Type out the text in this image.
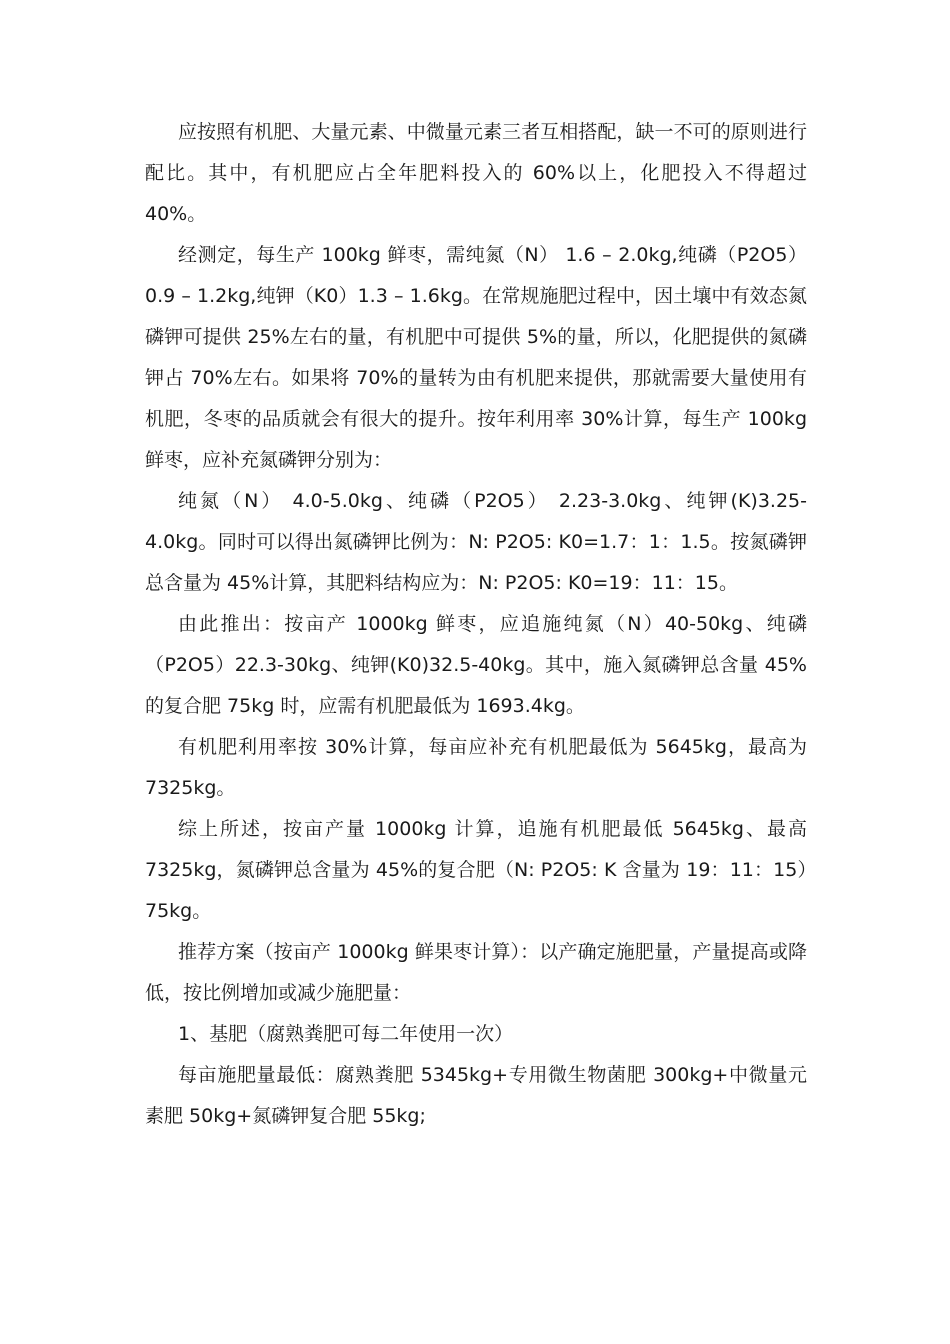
应按照有机肥、大量元素、中微量元素三者互相搭配，缺一不可的原则进行配比。其中，有机肥应占全年肥料投入的 60%以上，化肥投入不得超过 40%。

经测定，每生产 100kg 鲜枣，需纯氮（N） 1.6 – 2.0kg,纯磷（P2O5）0.9 – 1.2kg,纯钾（K0）1.3 – 1.6kg。在常规施肥过程中，因土壤中有效态氮磷钾可提供 25%左右的量，有机肥中可提供 5%的量，所以，化肥提供的氮磷钾占 70%左右。如果将 70%的量转为由有机肥来提供，那就需要大量使用有机肥，冬枣的品质就会有很大的提升。按年利用率 30%计算，每生产 100kg 鲜枣，应补充氮磷钾分别为：

纯氮（N） 4.0-5.0kg、纯磷（P2O5） 2.23-3.0kg、纯钾(K)3.25-4.0kg。同时可以得出氮磷钾比例为：N: P2O5: K0=1.7：1：1.5。按氮磷钾总含量为 45%计算，其肥料结构应为：N: P2O5: K0=19：11：15。

由此推出：按亩产 1000kg 鲜枣，应追施纯氮（N）40-50kg、纯磷（P2O5）22.3-30kg、纯钾(K0)32.5-40kg。其中，施入氮磷钾总含量 45%的复合肥 75kg 时，应需有机肥最低为 1693.4kg。

有机肥利用率按 30%计算，每亩应补充有机肥最低为 5645kg，最高为 7325kg。

综上所述，按亩产量 1000kg 计算，追施有机肥最低 5645kg、最高 7325kg，氮磷钾总含量为 45%的复合肥（N: P2O5: K 含量为 19：11：15）75kg。

推荐方案（按亩产 1000kg 鲜果枣计算）：以产确定施肥量，产量提高或降低，按比例增加或减少施肥量：

1、基肥（腐熟粪肥可每二年使用一次）

每亩施肥量最低：腐熟粪肥 5345kg+专用微生物菌肥 300kg+中微量元素肥 50kg+氮磷钾复合肥 55kg;
